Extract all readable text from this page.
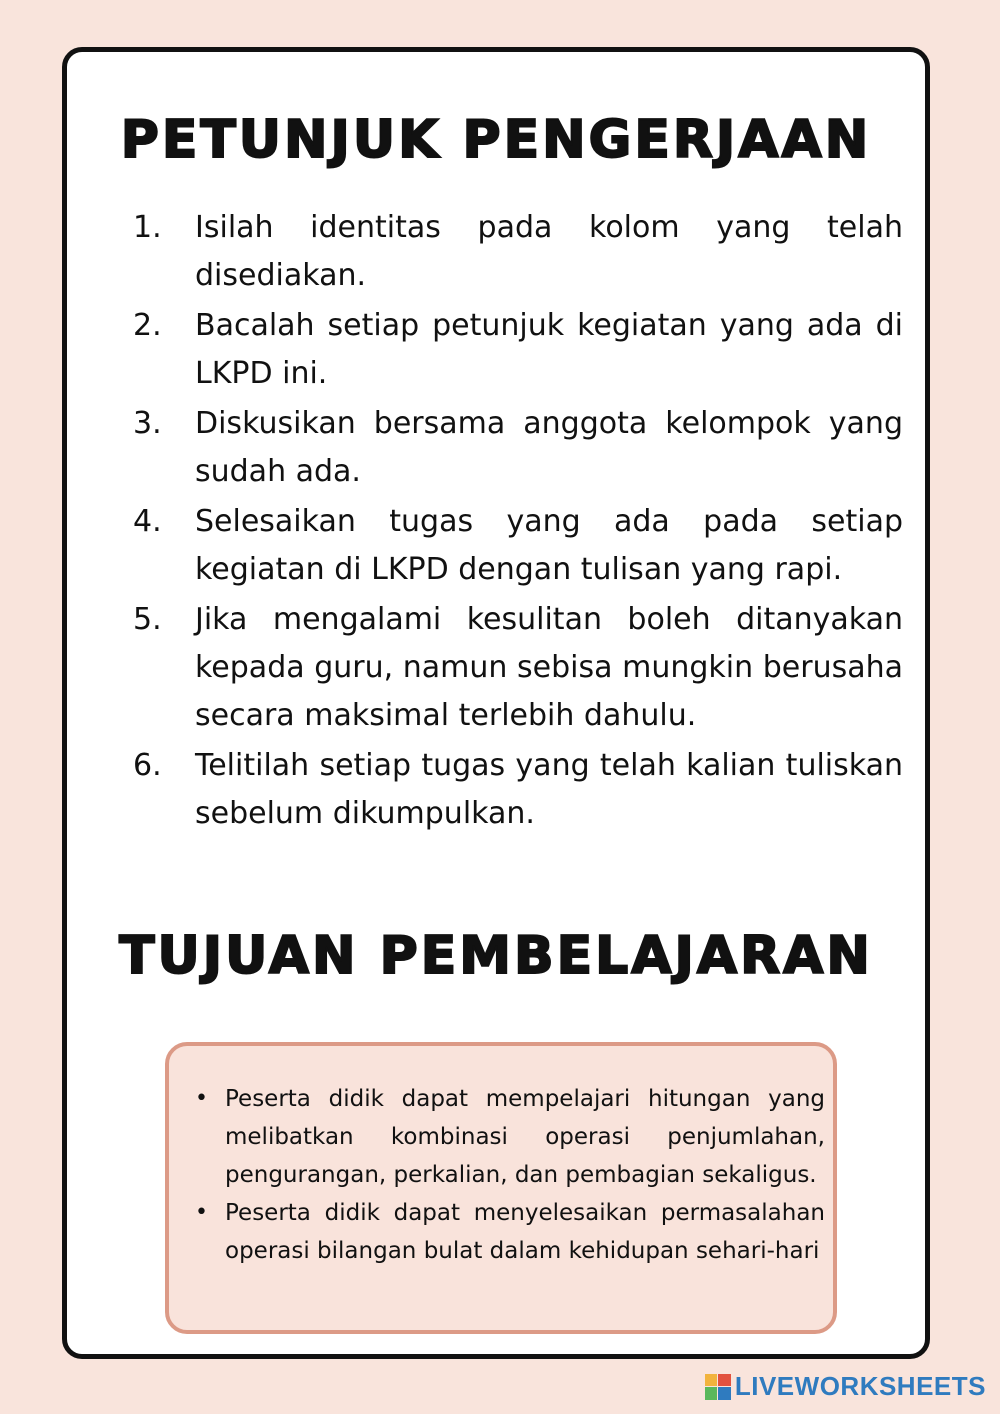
PETUNJUK PENGERJAAN
1. Isilah identitas pada kolom yang telah disediakan.
2. Bacalah setiap petunjuk kegiatan yang ada di LKPD ini.
3. Diskusikan bersama anggota kelompok yang sudah ada.
4. Selesaikan tugas yang ada pada setiap kegiatan di LKPD dengan tulisan yang rapi.
5. Jika mengalami kesulitan boleh ditanyakan kepada guru, namun sebisa mungkin berusaha secara maksimal terlebih dahulu.
6. Telitilah setiap tugas yang telah kalian tuliskan sebelum dikumpulkan.
TUJUAN PEMBELAJARAN
• Peserta didik dapat mempelajari hitungan yang melibatkan kombinasi operasi penjumlahan, pengurangan, perkalian, dan pembagian sekaligus.
• Peserta didik dapat menyelesaikan permasalahan operasi bilangan bulat dalam kehidupan sehari-hari
LIVEWORKSHEETS
